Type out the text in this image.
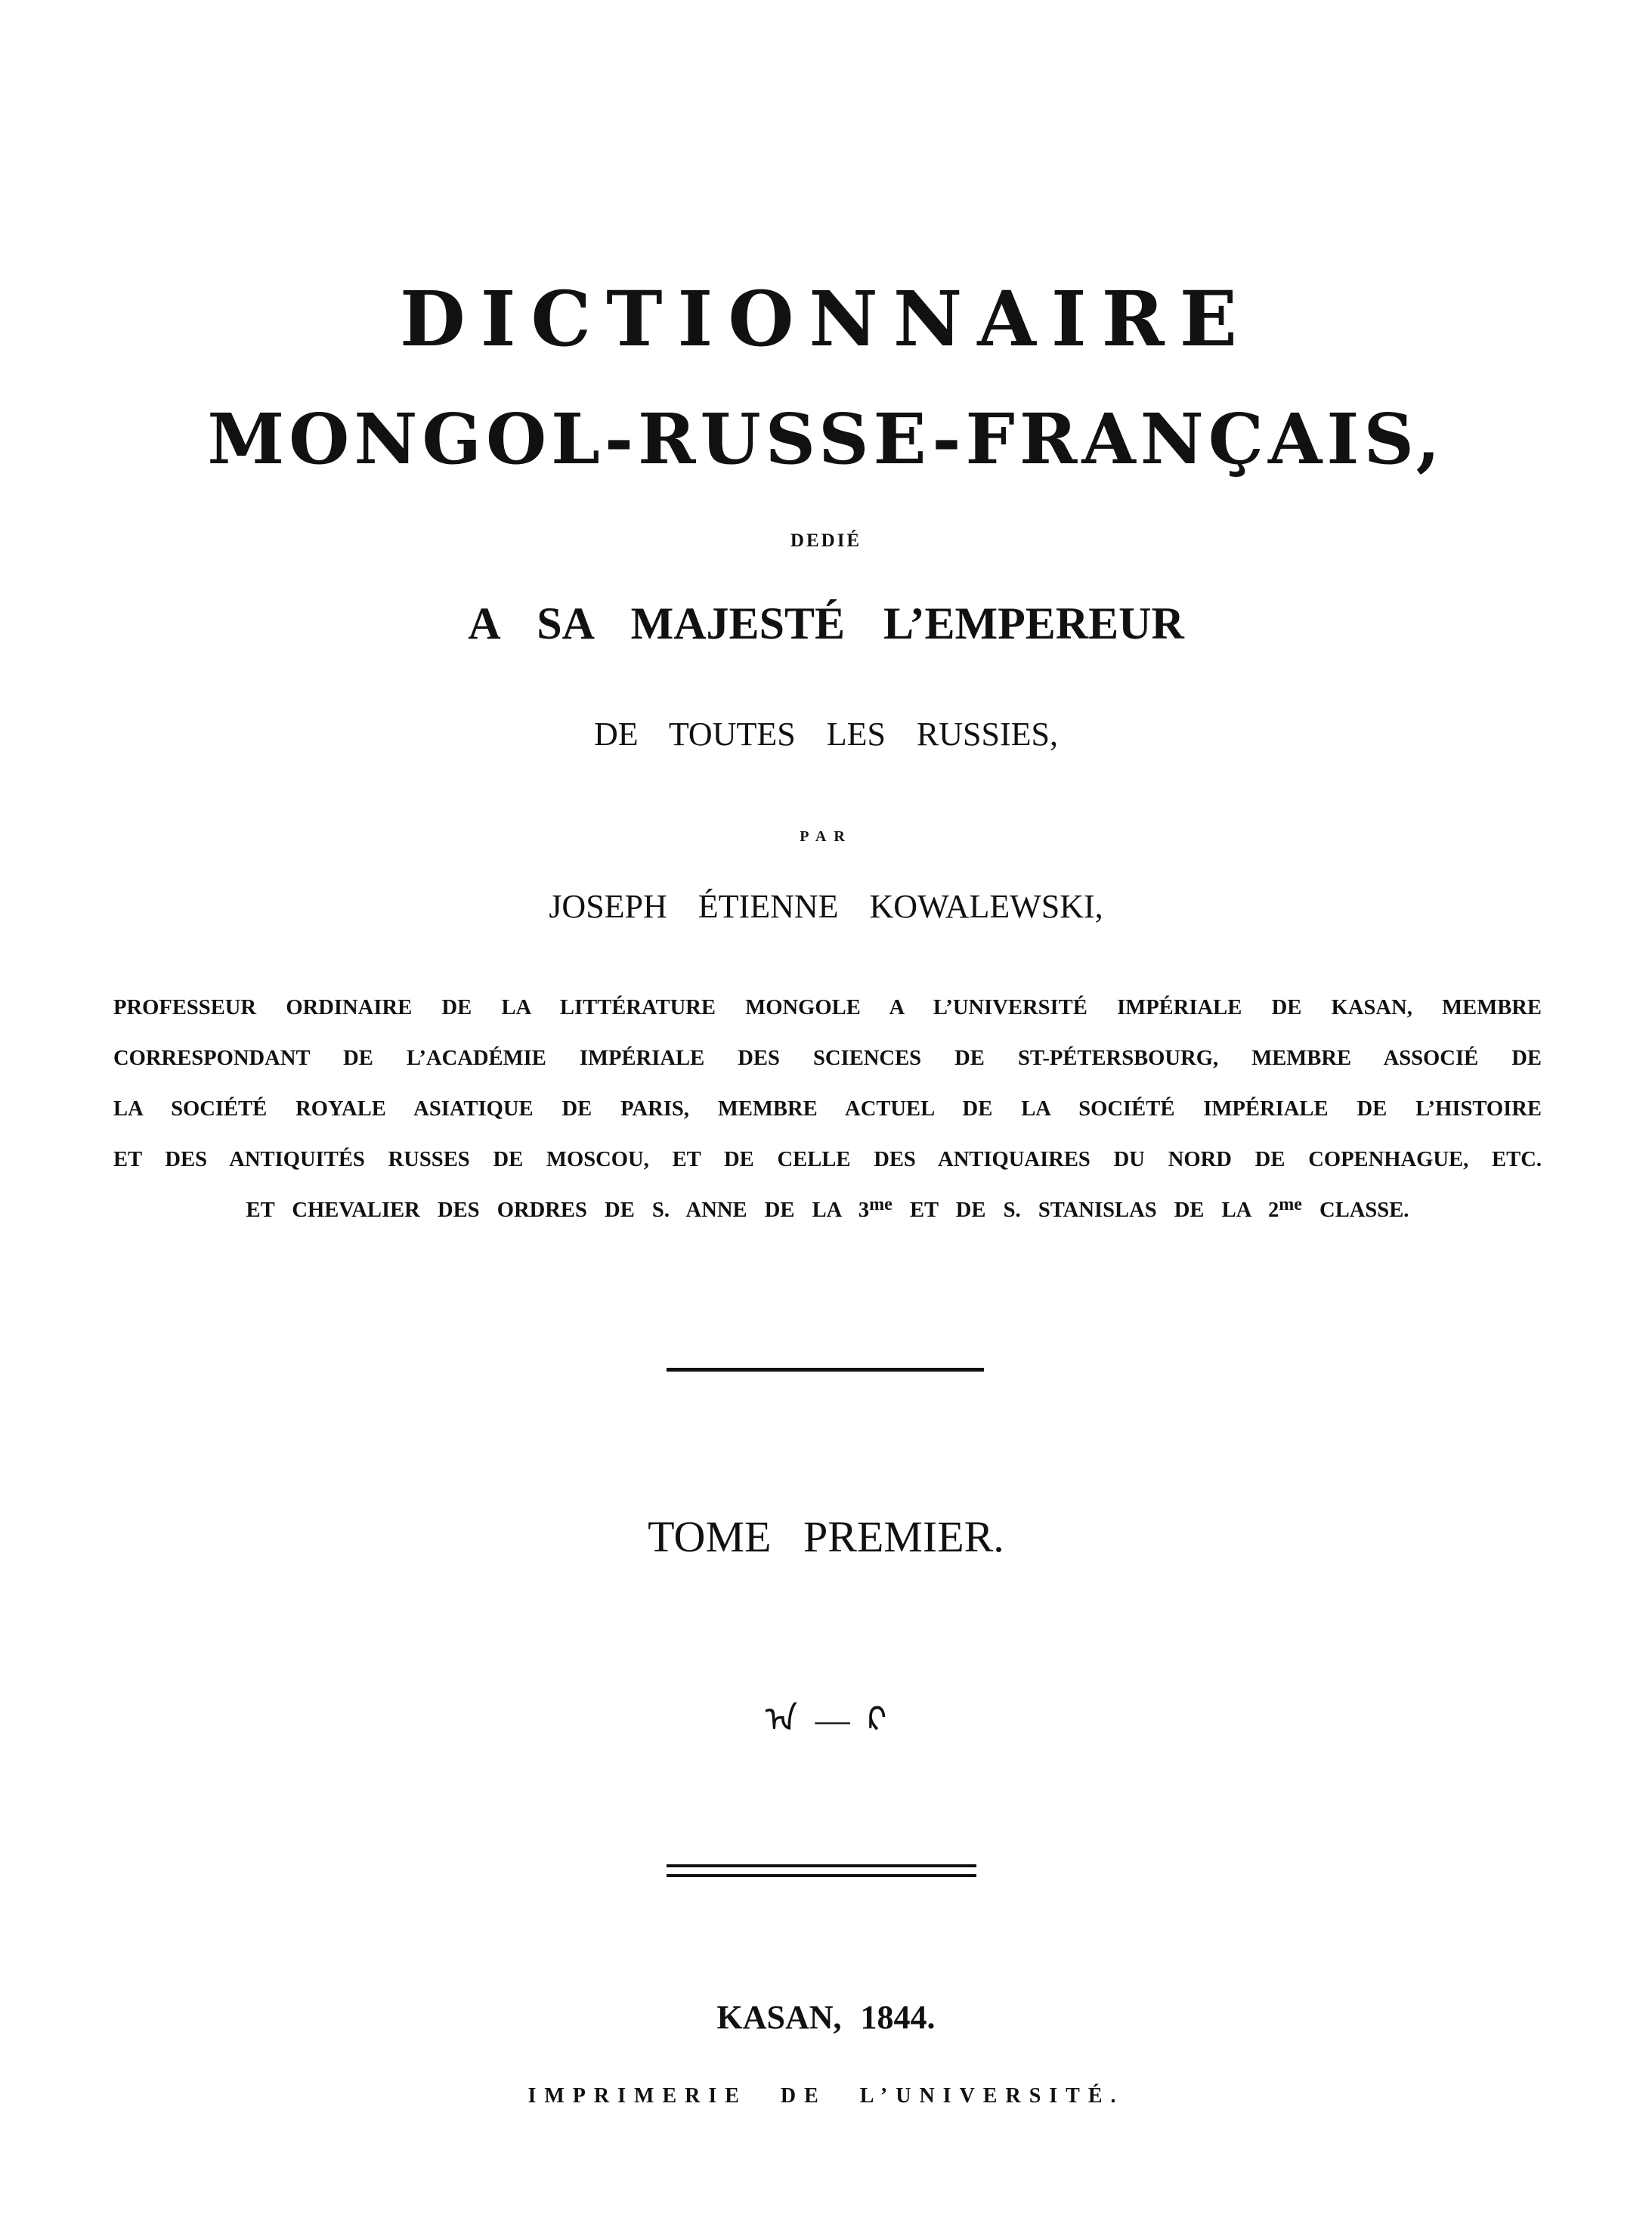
DICTIONNAIRE
MONGOL-RUSSE-FRANÇAIS,
DEDIÉ
A SA MAJESTÉ L’EMPEREUR
DE TOUTES LES RUSSIES,
PAR
JOSEPH ÉTIENNE KOWALEWSKI,
PROFESSEUR ORDINAIRE DE LA LITTÉRATURE MONGOLE A L’UNIVERSITÉ IMPÉRIALE DE KASAN, MEMBRE
CORRESPONDANT DE L’ACADÉMIE IMPÉRIALE DES SCIENCES DE ST-PÉTERSBOURG, MEMBRE ASSOCIÉ DE
LA SOCIÉTÉ ROYALE ASIATIQUE DE PARIS, MEMBRE ACTUEL DE LA SOCIÉTÉ IMPÉRIALE DE L’HISTOIRE
ET DES ANTIQUITÉS RUSSES DE MOSCOU, ET DE CELLE DES ANTIQUAIRES DU NORD DE COPENHAGUE, ETC.
ET CHEVALIER DES ORDRES DE S. ANNE DE LA $3^{me}$ ET DE S. STANISLAS DE LA $2^{me}$ CLASSE.
TOME PREMIER.
ᠠ — ᠺ
KASAN, 1844.
IMPRIMERIE DE L’UNIVERSITÉ.
